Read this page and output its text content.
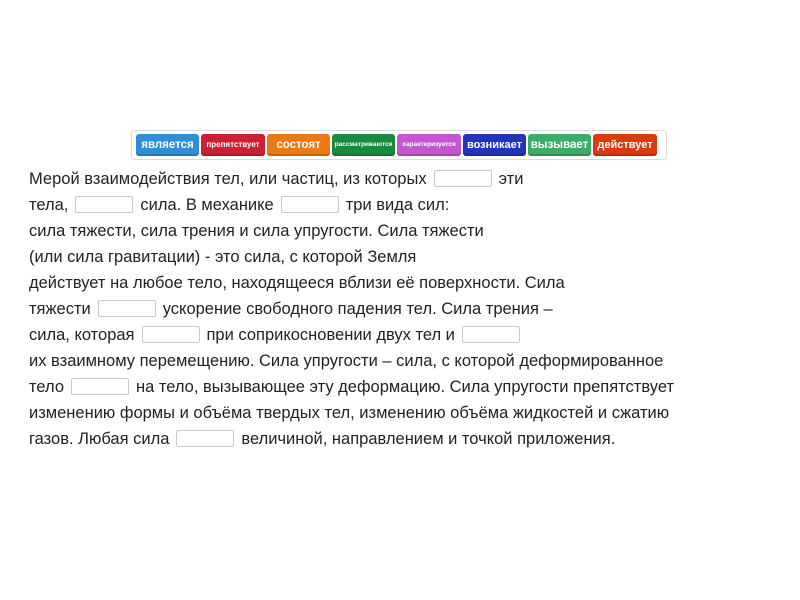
является препятствует состоят рассматриваются характеризуется возникает вызывает действует
Мерой взаимодействия тел, или частиц, из которых	эти
тела,	сила. В механике	три вида сил:
сила тяжести, сила трения и сила упругости. Сила тяжести
(или сила гравитации) - это сила, с которой Земля
действует на любое тело, находящееся вблизи её поверхности. Сила
тяжести	ускорение свободного падения тел. Сила трения –
сила, которая	при соприкосновении двух тел и
их взаимному перемещению. Сила упругости – сила, с которой деформированное
тело	на тело, вызывающее эту деформацию. Сила упругости препятствует
изменению формы и объёма твердых тел, изменению объёма жидкостей и сжатию
газов. Любая сила	величиной, направлением и точкой приложения.
